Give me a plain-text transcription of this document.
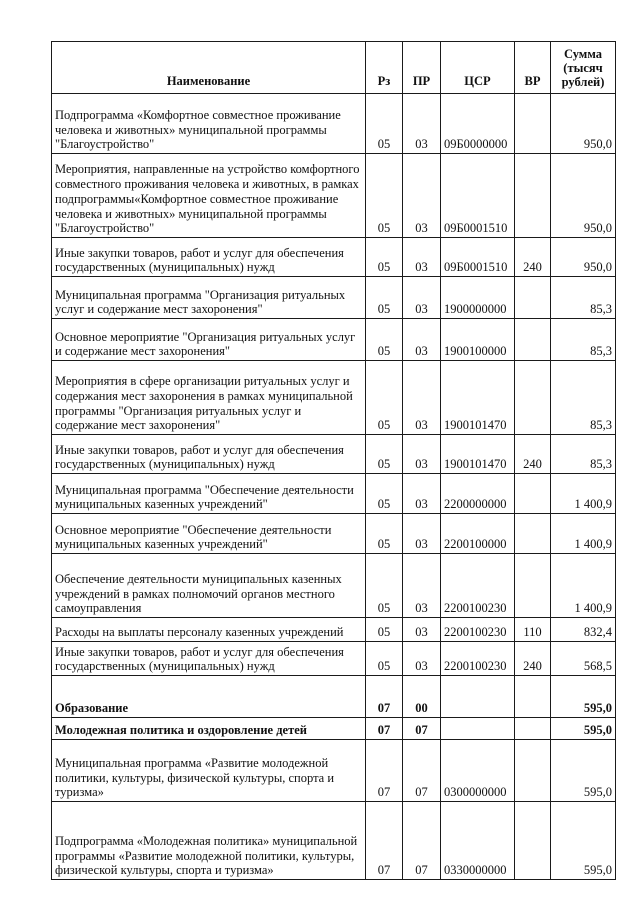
Наименование	Рз	ПР	ЦСР	ВР	Сумма (тысяч рублей)
Подпрограмма «Комфортное совместное проживание человека и животных» муниципальной программы "Благоустройство"	05	03	09Б0000000		950,0
Мероприятия, направленные на устройство комфортного совместного проживания человека и животных, в рамках подпрограммы«Комфортное совместное проживание человека и животных» муниципальной программы "Благоустройство"	05	03	09Б0001510		950,0
Иные закупки товаров, работ и услуг для обеспечения государственных (муниципальных) нужд	05	03	09Б0001510	240	950,0
Муниципальная программа "Организация ритуальных услуг и содержание мест захоронения"	05	03	1900000000		85,3
Основное мероприятие "Организация ритуальных услуг и содержание мест захоронения"	05	03	1900100000		85,3
Мероприятия в сфере организации ритуальных услуг и содержания мест захоронения в рамках муниципальной программы "Организация ритуальных услуг и содержание мест захоронения"	05	03	1900101470		85,3
Иные закупки товаров, работ и услуг для обеспечения государственных (муниципальных) нужд	05	03	1900101470	240	85,3
Муниципальная программа "Обеспечение деятельности муниципальных казенных учреждений"	05	03	2200000000		1 400,9
Основное мероприятие "Обеспечение деятельности муниципальных казенных учреждений"	05	03	2200100000		1 400,9
Обеспечение деятельности муниципальных казенных учреждений в рамках полномочий органов местного самоуправления	05	03	2200100230		1 400,9
Расходы на выплаты персоналу казенных учреждений	05	03	2200100230	110	832,4
Иные закупки товаров, работ и услуг для обеспечения государственных (муниципальных) нужд	05	03	2200100230	240	568,5
Образование	07	00			595,0
Молодежная политика и оздоровление детей	07	07			595,0
Муниципальная программа «Развитие молодежной политики, культуры, физической культуры, спорта и туризма»	07	07	0300000000		595,0
Подпрограмма «Молодежная политика» муниципальной программы «Развитие молодежной политики, культуры, физической культуры, спорта и туризма»	07	07	0330000000		595,0
